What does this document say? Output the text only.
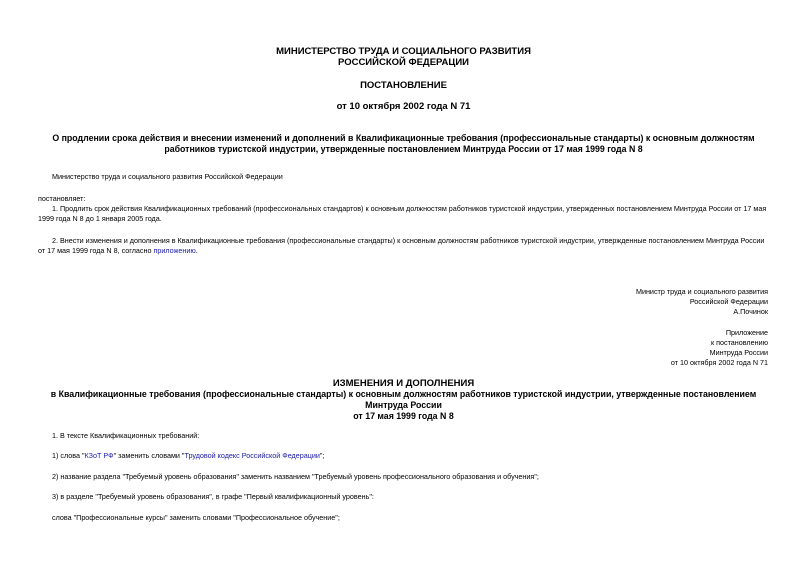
МИНИСТЕРСТВО ТРУДА И СОЦИАЛЬНОГО РАЗВИТИЯ
РОССИЙСКОЙ ФЕДЕРАЦИИ
ПОСТАНОВЛЕНИЕ
от 10 октября 2002 года N 71
О продлении срока действия и внесении изменений и дополнений в Квалификационные требования (профессиональные стандарты) к основным должностям
работников туристской индустрии, утвержденные постановлением Минтруда России от 17 мая 1999 года N 8
Министерство труда и социального развития Российской Федерации
постановляет:
1. Продлить срок действия Квалификационных требований (профессиональных стандартов) к основным должностям работников туристской индустрии, утвержденных постановлением Минтруда России от 17 мая
1999 года N 8 до 1 января 2005 года.
2. Внести изменения и дополнения в Квалификационные требования (профессиональные стандарты) к основным должностям работников туристской индустрии, утвержденные постановлением Минтруда России
от 17 мая 1999 года N 8, согласно приложению.
Министр труда и социального развития
Российской Федерации
А.Починок
Приложение
к постановлению
Минтруда России
от 10 октября 2002 года N 71
ИЗМЕНЕНИЯ И ДОПОЛНЕНИЯ
в Квалификационные требования (профессиональные стандарты) к основным должностям работников туристской индустрии, утвержденные постановлением
Минтруда России
от 17 мая 1999 года N 8
1. В тексте Квалификационных требований:
1) слова "КЗоТ РФ" заменить словами "Трудовой кодекс Российской Федерации";
2) название раздела "Требуемый уровень образования" заменить названием "Требуемый уровень профессионального образования и обучения";
3) в разделе "Требуемый уровень образования", в графе "Первый квалификационный уровень":
слова "Профессиональные курсы" заменить словами "Профессиональное обучение";
